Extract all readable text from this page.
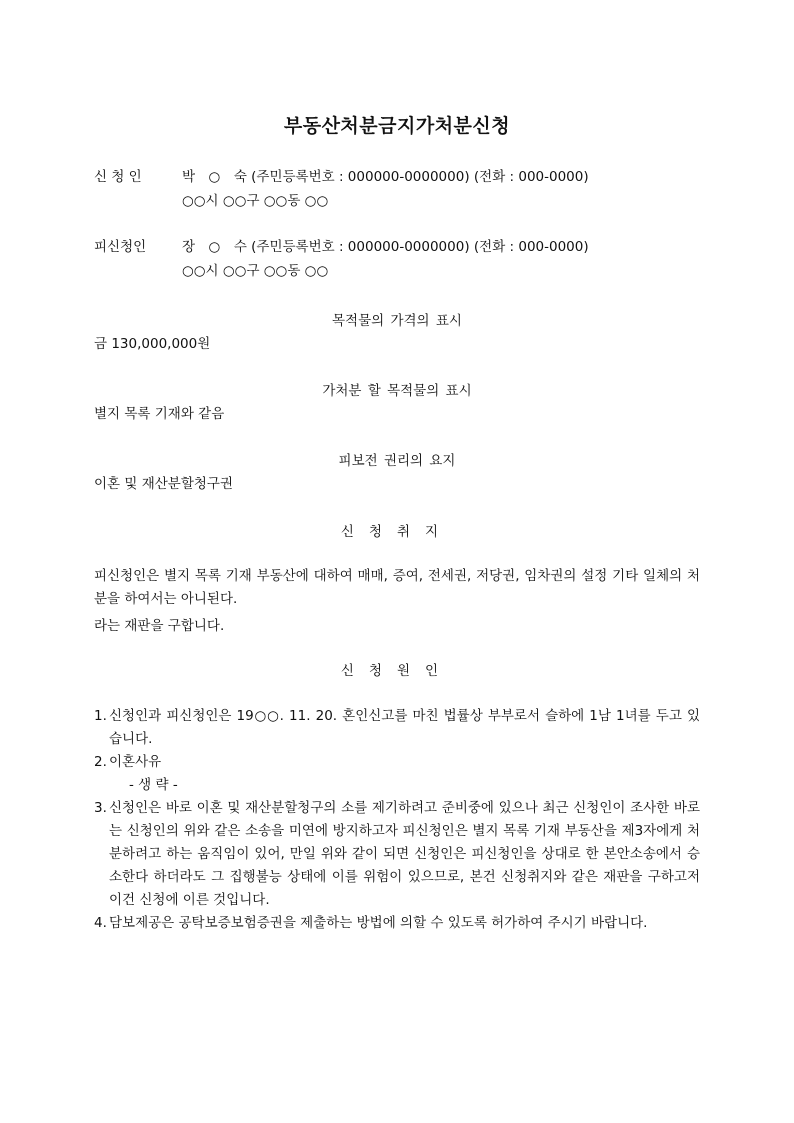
부동산처분금지가처분신청
신 청 인	박　○　숙 (주민등록번호 : 000000-0000000) (전화 : 000-0000)
○○시 ○○구 ○○동 ○○
피신청인	장　○　수 (주민등록번호 : 000000-0000000) (전화 : 000-0000)
○○시 ○○구 ○○동 ○○
목적물의 가격의 표시
금 130,000,000원
가처분 할 목적물의 표시
별지 목록 기재와 같음
피보전 권리의 요지
이혼 및 재산분할청구권
신청취지
피신청인은 별지 목록 기재 부동산에 대하여 매매, 증여, 전세권, 저당권, 임차권의 설정 기타 일체의 처분을 하여서는 아니된다.
라는 재판을 구합니다.
신청원인
1. 신청인과 피신청인은 19○○. 11. 20. 혼인신고를 마친 법률상 부부로서 슬하에 1남 1녀를 두고 있습니다.
2. 이혼사유
- 생 략 -
3. 신청인은 바로 이혼 및 재산분할청구의 소를 제기하려고 준비중에 있으나 최근 신청인이 조사한 바로는 신청인의 위와 같은 소송을 미연에 방지하고자 피신청인은 별지 목록 기재 부동산을 제3자에게 처분하려고 하는 움직임이 있어, 만일 위와 같이 되면 신청인은 피신청인을 상대로 한 본안소송에서 승소한다 하더라도 그 집행불능 상태에 이를 위험이 있으므로, 본건 신청취지와 같은 재판을 구하고저 이건 신청에 이른 것입니다.
4. 담보제공은 공탁보증보험증권을 제출하는 방법에 의할 수 있도록 허가하여 주시기 바랍니다.
